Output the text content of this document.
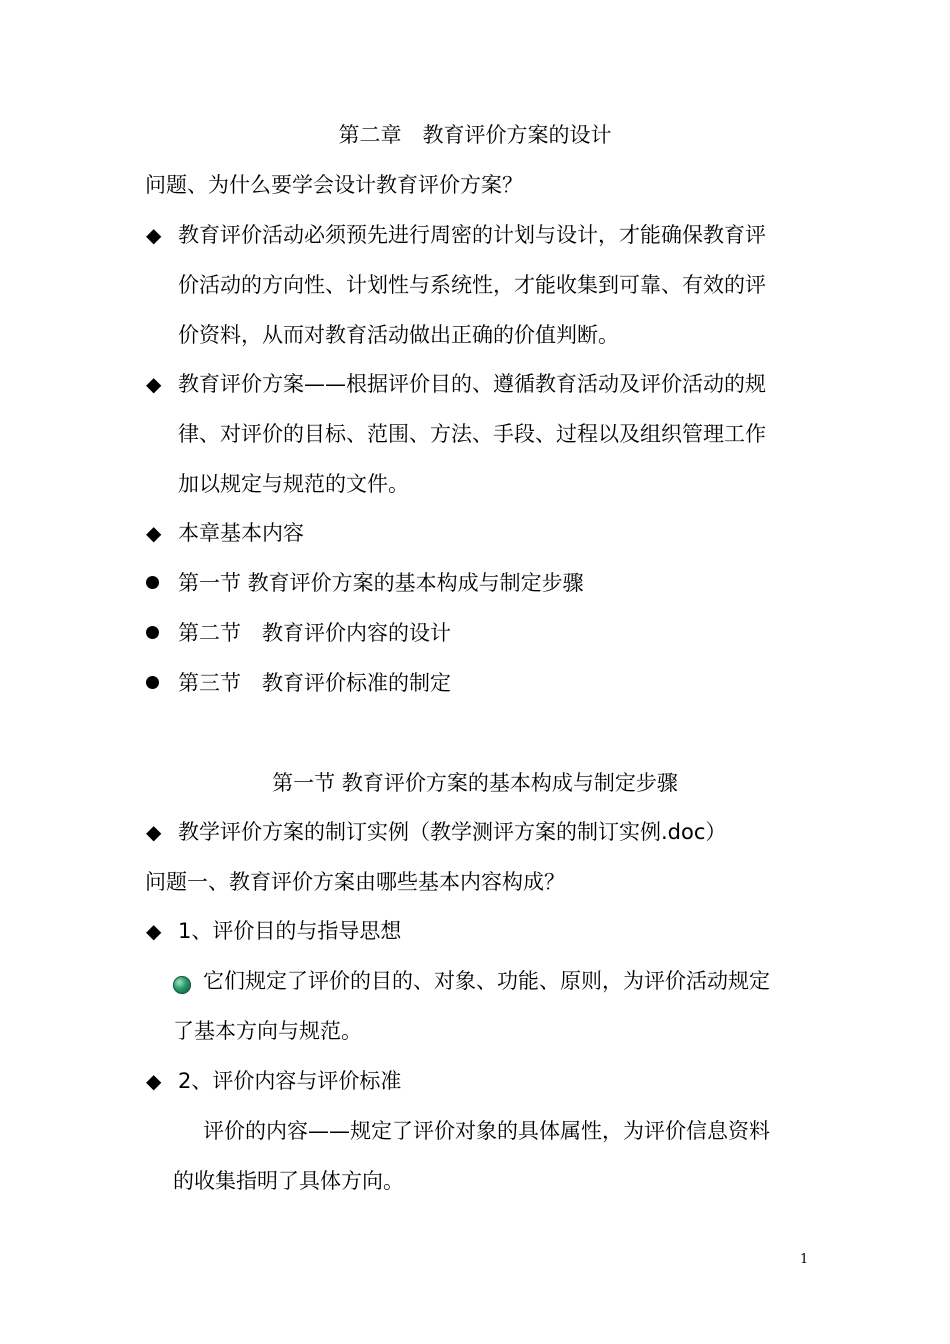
第二章　教育评价方案的设计
问题、为什么要学会设计教育评价方案？
◆ 教育评价活动必须预先进行周密的计划与设计，才能确保教育评
价活动的方向性、计划性与系统性，才能收集到可靠、有效的评
价资料，从而对教育活动做出正确的价值判断。
◆ 教育评价方案——根据评价目的、遵循教育活动及评价活动的规
律、对评价的目标、范围、方法、手段、过程以及组织管理工作
加以规定与规范的文件。
◆ 本章基本内容
第一节 教育评价方案的基本构成与制定步骤
第二节　教育评价内容的设计
第三节　教育评价标准的制定
第一节 教育评价方案的基本构成与制定步骤
◆ 教学评价方案的制订实例（教学测评方案的制订实例.doc）
问题一、教育评价方案由哪些基本内容构成？
◆ 1、评价目的与指导思想
它们规定了评价的目的、对象、功能、原则，为评价活动规定
了基本方向与规范。
◆ 2、评价内容与评价标准
评价的内容——规定了评价对象的具体属性，为评价信息资料
的收集指明了具体方向。
1
